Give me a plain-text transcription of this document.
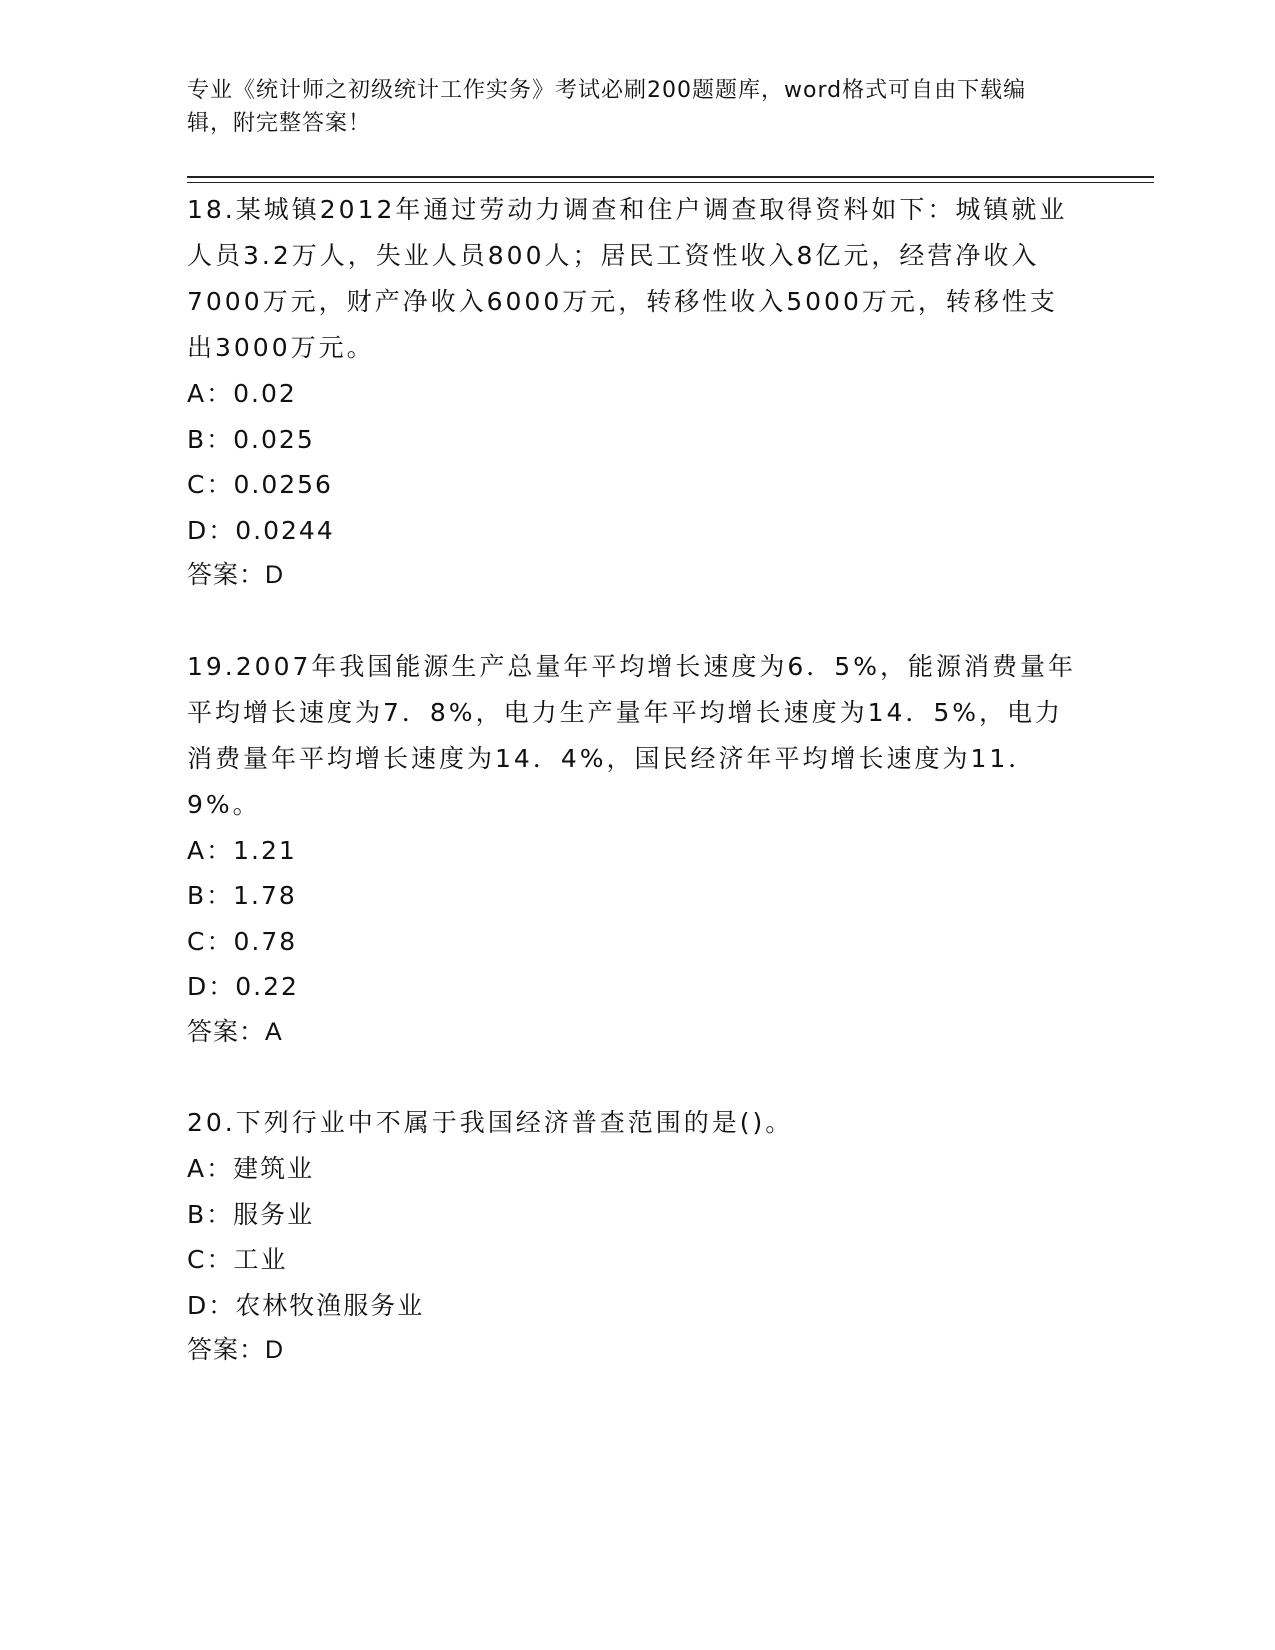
专业《统计师之初级统计工作实务》考试必刷200题题库，word格式可自由下载编辑，附完整答案！

18.某城镇2012年通过劳动力调查和住户调查取得资料如下：城镇就业人员3.2万人，失业人员800人；居民工资性收入8亿元，经营净收入7000万元，财产净收入6000万元，转移性收入5000万元，转移性支出3000万元。

A：0.02

B：0.025

C：0.0256

D：0.0244

答案：D

19.2007年我国能源生产总量年平均增长速度为6．5%，能源消费量年平均增长速度为7．8%，电力生产量年平均增长速度为14．5%，电力消费量年平均增长速度为14．4%，国民经济年平均增长速度为11．9%。

A：1.21

B：1.78

C：0.78

D：0.22

答案：A

20.下列行业中不属于我国经济普查范围的是()。

A：建筑业

B：服务业

C：工业

D：农林牧渔服务业

答案：D
